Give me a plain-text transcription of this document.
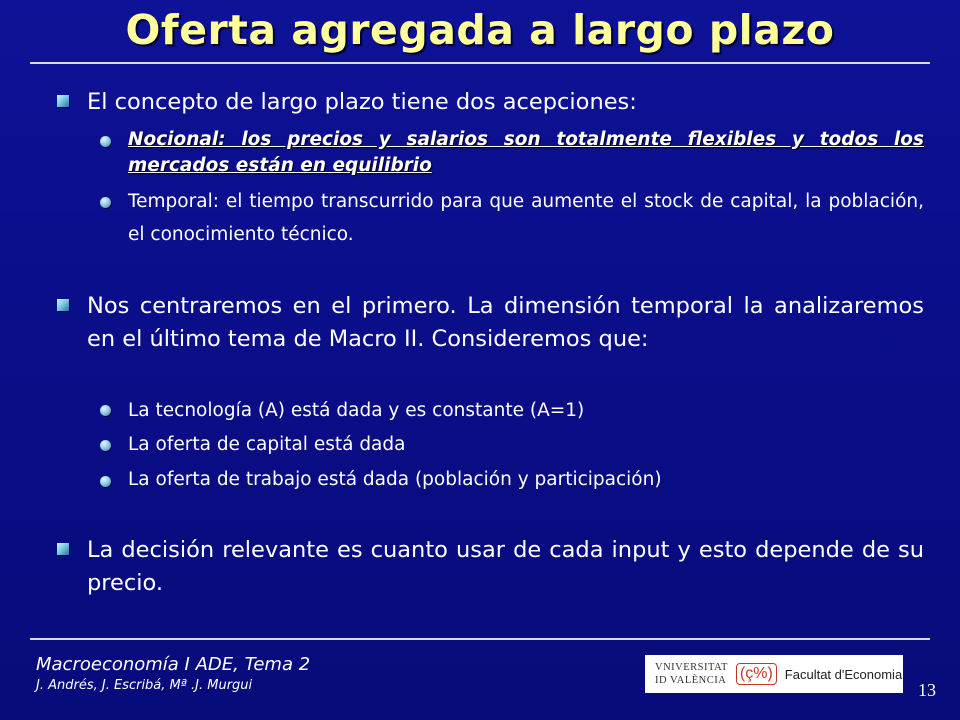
Oferta agregada a largo plazo
El concepto de largo plazo tiene dos acepciones:
Nocional: los precios y salarios son totalmente flexibles y todos los mercados están en equilibrio
Temporal: el tiempo transcurrido para que aumente el stock de capital, la población, el conocimiento técnico.
Nos centraremos en el primero. La dimensión temporal la analizaremos en el último tema de Macro II. Consideremos que:
La tecnología (A) está dada y es constante (A=1)
La oferta de capital está dada
La oferta de trabajo está dada (población y participación)
La decisión relevante es cuanto usar de cada input y esto depende de su precio.
Macroeconomía I ADE, Tema 2
J. Andrés, J. Escribá, Mª .J. Murgui
VNIVERSITAT
ID VALÈNCIA (ç%) Facultat d'Economia
13
